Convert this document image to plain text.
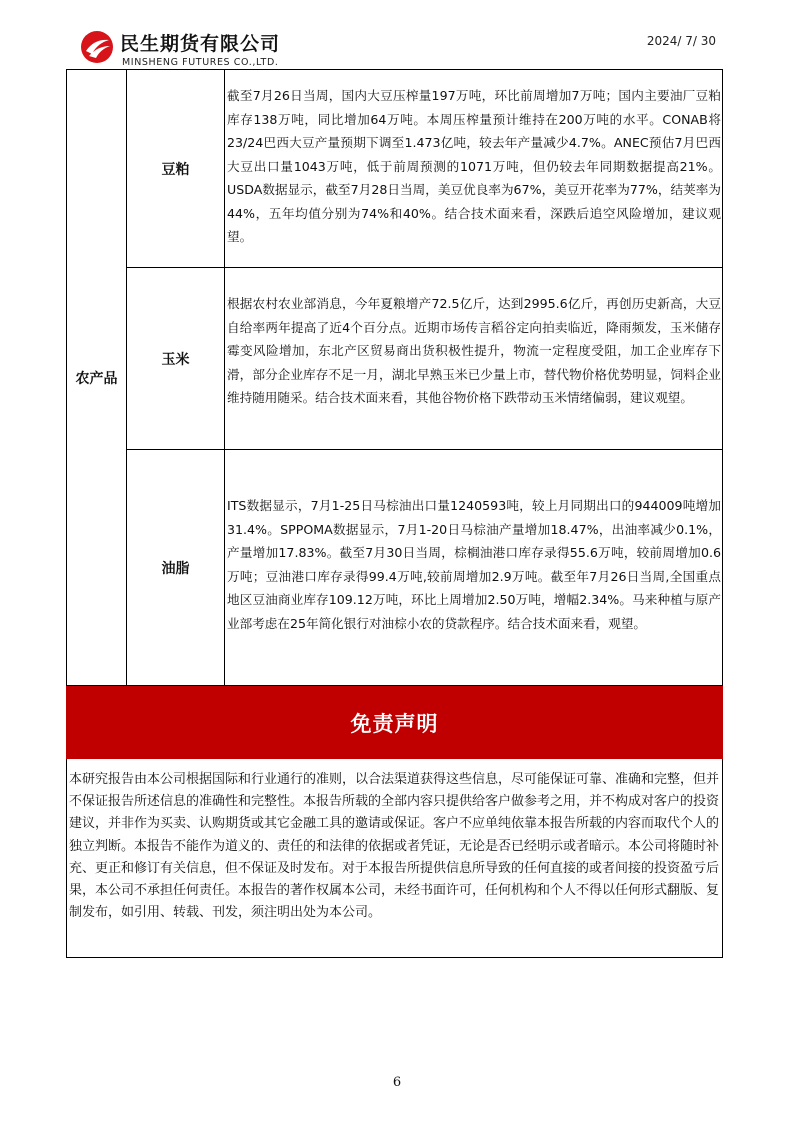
民生期货有限公司
MINSHENG FUTURES CO.,LTD.
2024/ 7/ 30
农产品
豆粕
截至7月26日当周，国内大豆压榨量197万吨，环比前周增加7万吨；国内主要油厂豆粕库存138万吨，同比增加64万吨。本周压榨量预计维持在200万吨的水平。CONAB将23/24巴西大豆产量预期下调至1.473亿吨，较去年产量减少4.7%。ANEC预估7月巴西大豆出口量1043万吨，低于前周预测的1071万吨，但仍较去年同期数据提高21%。USDA数据显示，截至7月28日当周，美豆优良率为67%，美豆开花率为77%，结荚率为44%，五年均值分别为74%和40%。结合技术面来看，深跌后追空风险增加，建议观望。
玉米
根据农村农业部消息，今年夏粮增产72.5亿斤，达到2995.6亿斤，再创历史新高，大豆自给率两年提高了近4个百分点。近期市场传言稻谷定向拍卖临近，降雨频发，玉米储存霉变风险增加，东北产区贸易商出货积极性提升，物流一定程度受阻，加工企业库存下滑，部分企业库存不足一月，湖北早熟玉米已少量上市，替代物价格优势明显，饲料企业维持随用随采。结合技术面来看，其他谷物价格下跌带动玉米情绪偏弱，建议观望。
油脂
ITS数据显示，7月1-25日马棕油出口量1240593吨，较上月同期出口的944009吨增加31.4%。SPPOMA数据显示，7月1-20日马棕油产量增加18.47%，出油率减少0.1%，产量增加17.83%。截至7月30日当周，棕榈油港口库存录得55.6万吨，较前周增加0.6万吨；豆油港口库存录得99.4万吨,较前周增加2.9万吨。截至年7月26日当周,全国重点地区豆油商业库存109.12万吨，环比上周增加2.50万吨，增幅2.34%。马来种植与原产业部考虑在25年简化银行对油棕小农的贷款程序。结合技术面来看，观望。
免责声明
本研究报告由本公司根据国际和行业通行的准则，以合法渠道获得这些信息，尽可能保证可靠、准确和完整，但并不保证报告所述信息的准确性和完整性。本报告所载的全部内容只提供给客户做参考之用，并不构成对客户的投资建议，并非作为买卖、认购期货或其它金融工具的邀请或保证。客户不应单纯依靠本报告所载的内容而取代个人的独立判断。本报告不能作为道义的、责任的和法律的依据或者凭证，无论是否已经明示或者暗示。本公司将随时补充、更正和修订有关信息，但不保证及时发布。对于本报告所提供信息所导致的任何直接的或者间接的投资盈亏后果，本公司不承担任何责任。本报告的著作权属本公司，未经书面许可，任何机构和个人不得以任何形式翻版、复制发布，如引用、转载、刊发，须注明出处为本公司。
6
